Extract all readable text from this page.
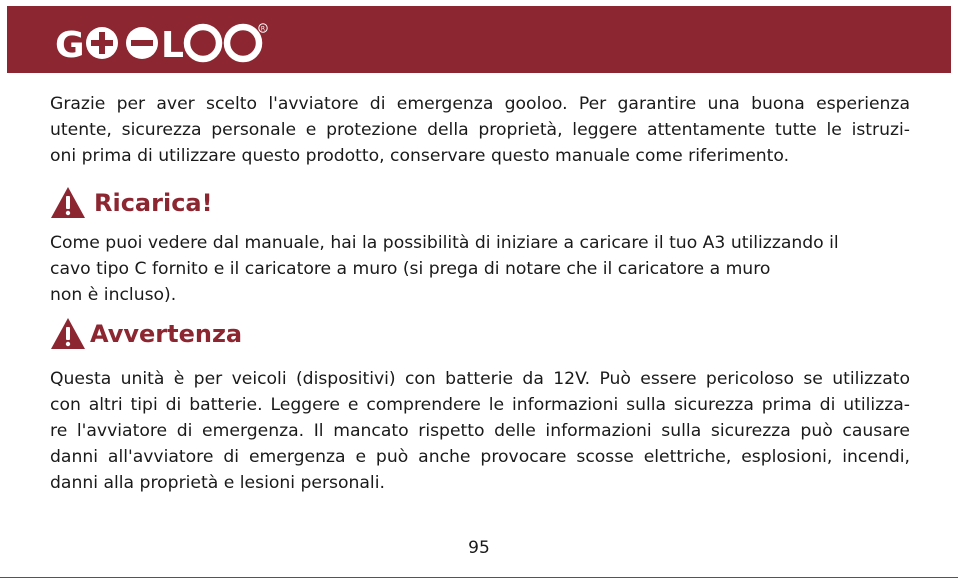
G L	R
Grazie per aver scelto l'avviatore di emergenza gooloo. Per garantire una buona esperienza
utente, sicurezza personale e protezione della proprietà, leggere attentamente tutte le istruzi-
oni prima di utilizzare questo prodotto, conservare questo manuale come riferimento.
Ricarica!
Come puoi vedere dal manuale, hai la possibilità di iniziare a caricare il tuo A3 utilizzando il
cavo tipo C fornito e il caricatore a muro (si prega di notare che il caricatore a muro
non è incluso).
Avvertenza
Questa unità è per veicoli (dispositivi) con batterie da 12V. Può essere pericoloso se utilizzato
con altri tipi di batterie. Leggere e comprendere le informazioni sulla sicurezza prima di utilizza-
re l'avviatore di emergenza. Il mancato rispetto delle informazioni sulla sicurezza può causare
danni all'avviatore di emergenza e può anche provocare scosse elettriche, esplosioni, incendi,
danni alla proprietà e lesioni personali.
95
